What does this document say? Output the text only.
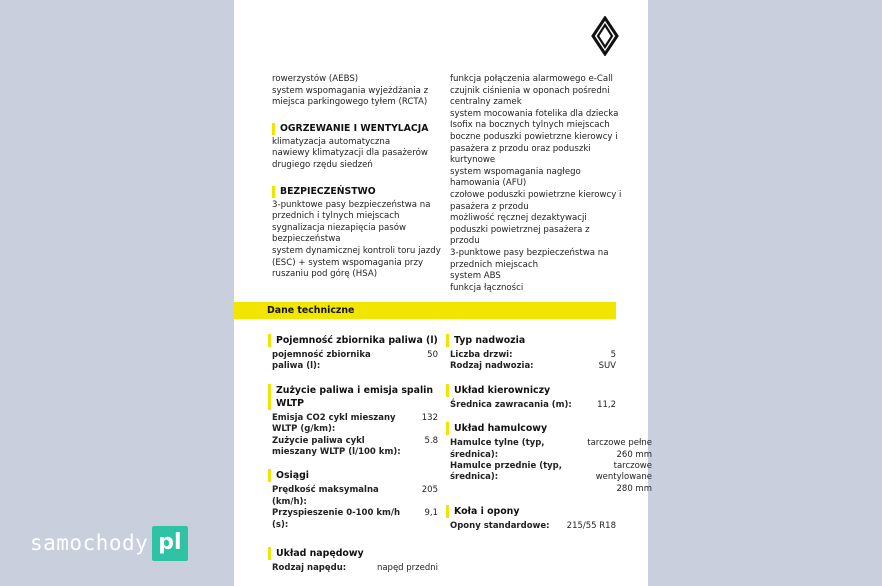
rowerzystów (AEBS)

system wspomagania wyjeżdżania z miejsca parkingowego tyłem (RCTA)

OGRZEWANIE I WENTYLACJA

klimatyzacja automatyczna

nawiewy klimatyzacji dla pasażerów drugiego rzędu siedzeń

BEZPIECZEŃSTWO

3-punktowe pasy bezpieczeństwa na przednich i tylnych miejscach

sygnalizacja niezapięcia pasów bezpieczeństwa

system dynamicznej kontroli toru jazdy (ESC) + system wspomagania przy ruszaniu pod górę (HSA)

funkcja połączenia alarmowego e-Call

czujnik ciśnienia w oponach pośredni

centralny zamek

system mocowania fotelika dla dziecka Isofix na bocznych tylnych miejscach

boczne poduszki powietrzne kierowcy i pasażera z przodu oraz poduszki kurtynowe

system wspomagania nagłego hamowania (AFU)

czołowe poduszki powietrzne kierowcy i pasażera z przodu

możliwość ręcznej dezaktywacji poduszki powietrznej pasażera z przodu

3-punktowe pasy bezpieczeństwa na przednich miejscach

system ABS

funkcja łączności

Dane techniczne
Pojemność zbiornika paliwa (l)
pojemność zbiornika paliwa (l):
50
Zużycie paliwa i emisja spalin WLTP
Emisja CO2 cykl mieszany WLTP (g/km):
132
Zużycie paliwa cykl mieszany WLTP (l/100 km):
5.8
Osiągi
Prędkość maksymalna (km/h):
205
Przyspieszenie 0-100 km/h (s):
9,1
Układ napędowy
Rodzaj napędu:	napęd przedni
Typ nadwozia
Liczba drzwi:	5
Rodzaj nadwozia:	SUV
Układ kierowniczy
Średnica zawracania (m):	11,2
Układ hamulcowy
Hamulce tylne (typ, średnica):
tarczowe pełne 260 mm
Hamulce przednie (typ, średnica):
tarczowe wentylowane 280 mm
Koła i opony
Opony standardowe: 215/55 R18
samochody pl
